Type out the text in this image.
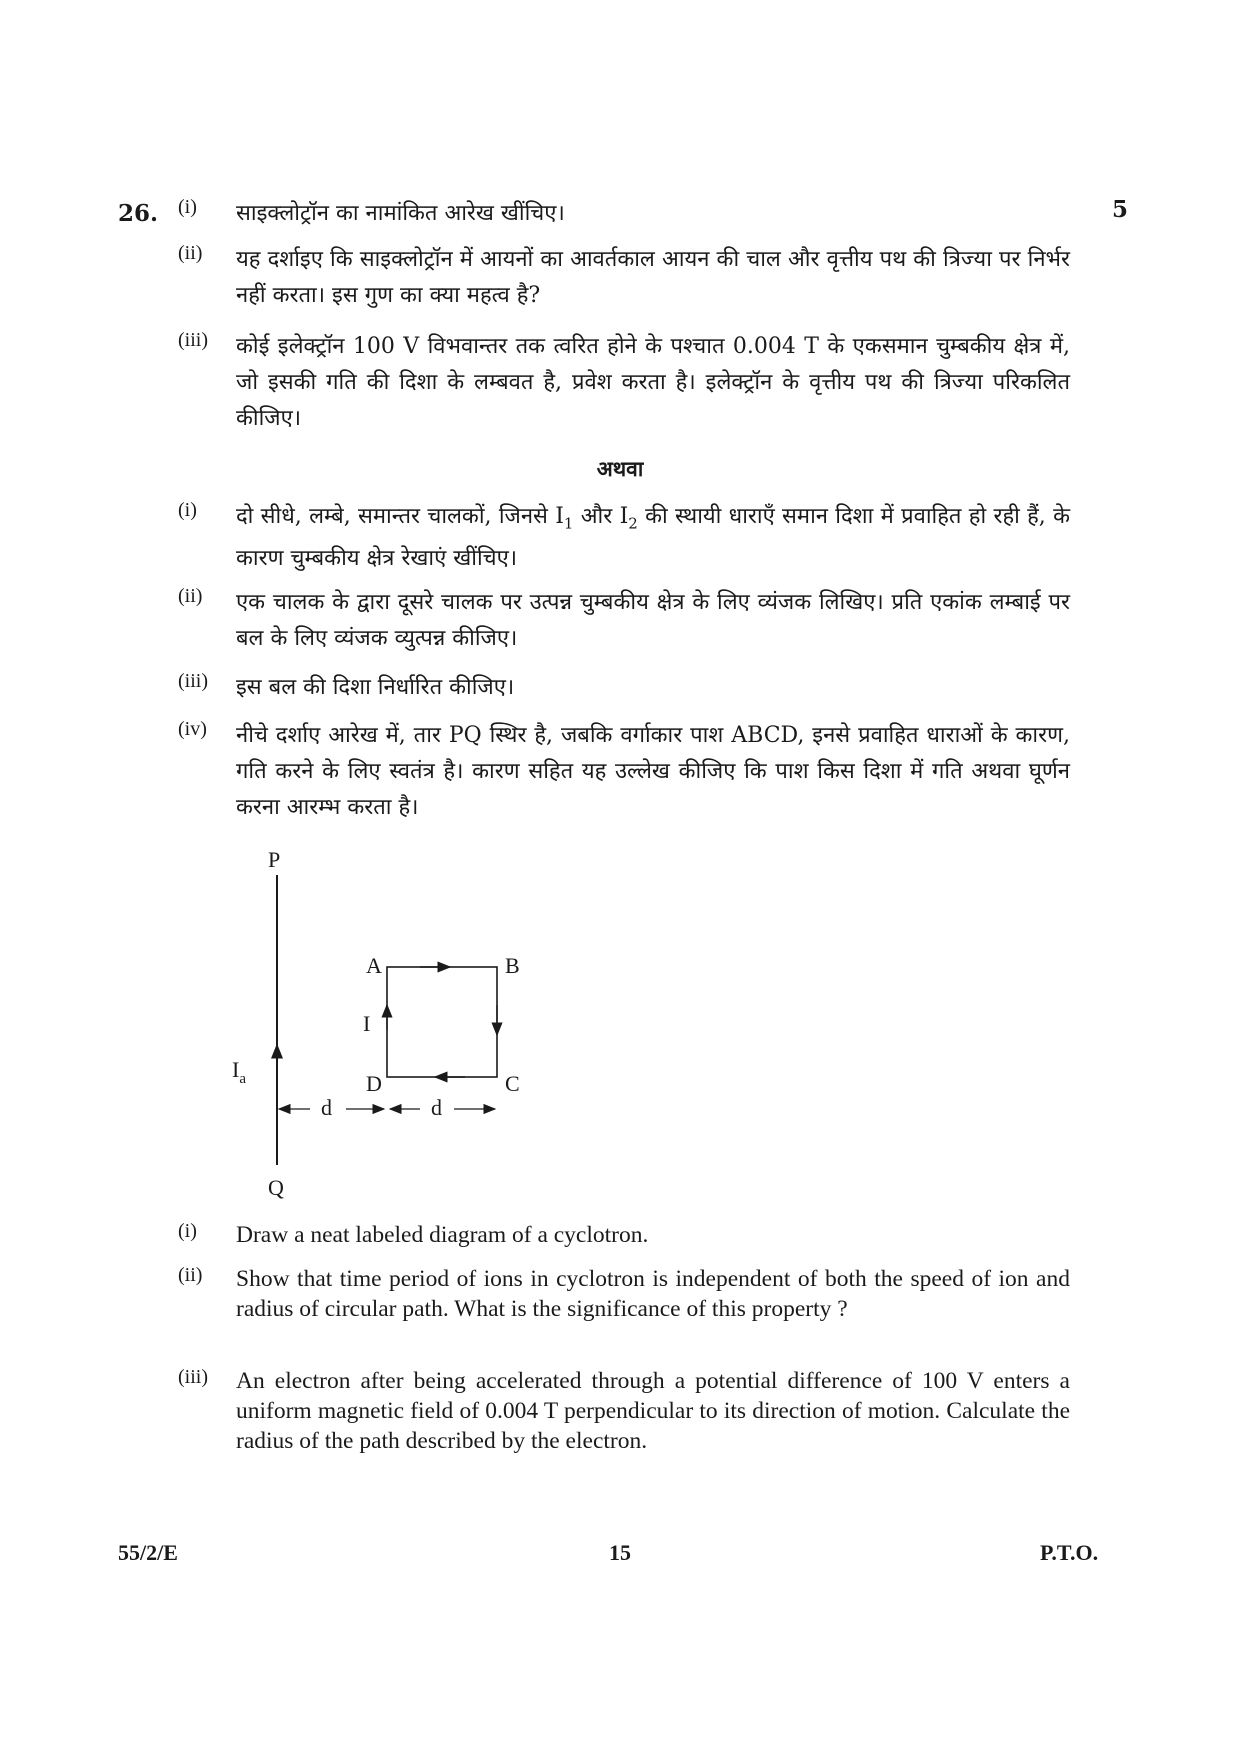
26.	5
(i)	साइक्लोट्रॉन का नामांकित आरेख खींचिए।
(ii)	यह दर्शाइए कि साइक्लोट्रॉन में आयनों का आवर्तकाल आयन की चाल और वृत्तीय पथ की त्रिज्या पर निर्भर नहीं करता। इस गुण का क्या महत्व है?
(iii)	कोई इलेक्ट्रॉन 100 V विभवान्तर तक त्वरित होने के पश्चात 0.004 T के एकसमान चुम्बकीय क्षेत्र में, जो इसकी गति की दिशा के लम्बवत है, प्रवेश करता है। इलेक्ट्रॉन के वृत्तीय पथ की त्रिज्या परिकलित कीजिए।
अथवा
(i)	दो सीधे, लम्बे, समान्तर चालकों, जिनसे $I_1$ और $I_2$ की स्थायी धाराएँ समान दिशा में प्रवाहित हो रही हैं, के कारण चुम्बकीय क्षेत्र रेखाएं खींचिए।
(ii)	एक चालक के द्वारा दूसरे चालक पर उत्पन्न चुम्बकीय क्षेत्र के लिए व्यंजक लिखिए। प्रति एकांक लम्बाई पर बल के लिए व्यंजक व्युत्पन्न कीजिए।
(iii)	इस बल की दिशा निर्धारित कीजिए।
(iv)	नीचे दर्शाए आरेख में, तार PQ स्थिर है, जबकि वर्गाकार पाश ABCD, इनसे प्रवाहित धाराओं के कारण, गति करने के लिए स्वतंत्र है। कारण सहित यह उल्लेख कीजिए कि पाश किस दिशा में गति अथवा घूर्णन करना आरम्भ करता है।
P
Q
$I_a$
A	B
C
D
I
d	d
(i)	Draw a neat labeled diagram of a cyclotron.
(ii)	Show that time period of ions in cyclotron is independent of both the speed of ion and radius of circular path. What is the significance of this property ?
(iii)	An electron after being accelerated through a potential difference of 100 V enters a uniform magnetic field of 0.004 T perpendicular to its direction of motion. Calculate the radius of the path described by the electron.
55/2/E	15	P.T.O.
